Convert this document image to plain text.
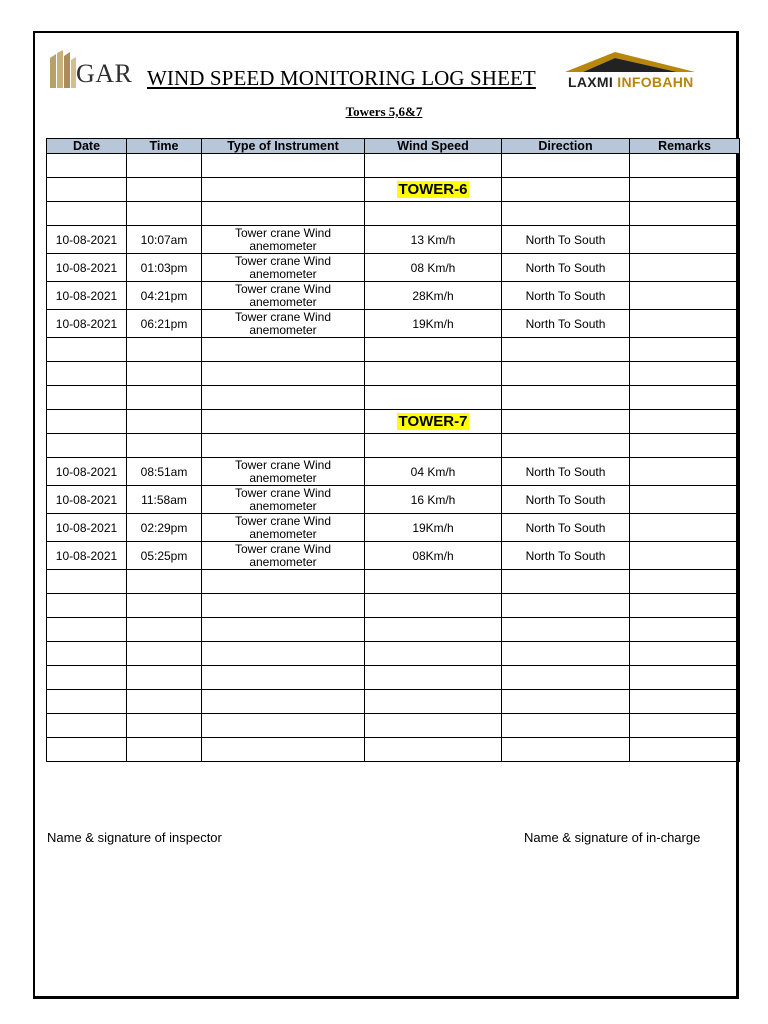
GAR WIND SPEED MONITORING LOG SHEET LAXMI INFOBAHN
Towers 5,6&7
Date	Time	Type of Instrument	Wind Speed	Direction	Remarks

			TOWER-6		

10-08-2021	10:07am	Tower crane Wind anemometer	13 Km/h	North To South	
10-08-2021	01:03pm	Tower crane Wind anemometer	08 Km/h	North To South	
10-08-2021	04:21pm	Tower crane Wind anemometer	28Km/h	North To South	
10-08-2021	06:21pm	Tower crane Wind anemometer	19Km/h	North To South	

			TOWER-7		

10-08-2021	08:51am	Tower crane Wind anemometer	04 Km/h	North To South	
10-08-2021	11:58am	Tower crane Wind anemometer	16 Km/h	North To South	
10-08-2021	02:29pm	Tower crane Wind anemometer	19Km/h	North To South	
10-08-2021	05:25pm	Tower crane Wind anemometer	08Km/h	North To South	

Name & signature of inspector	Name & signature of in-charge
